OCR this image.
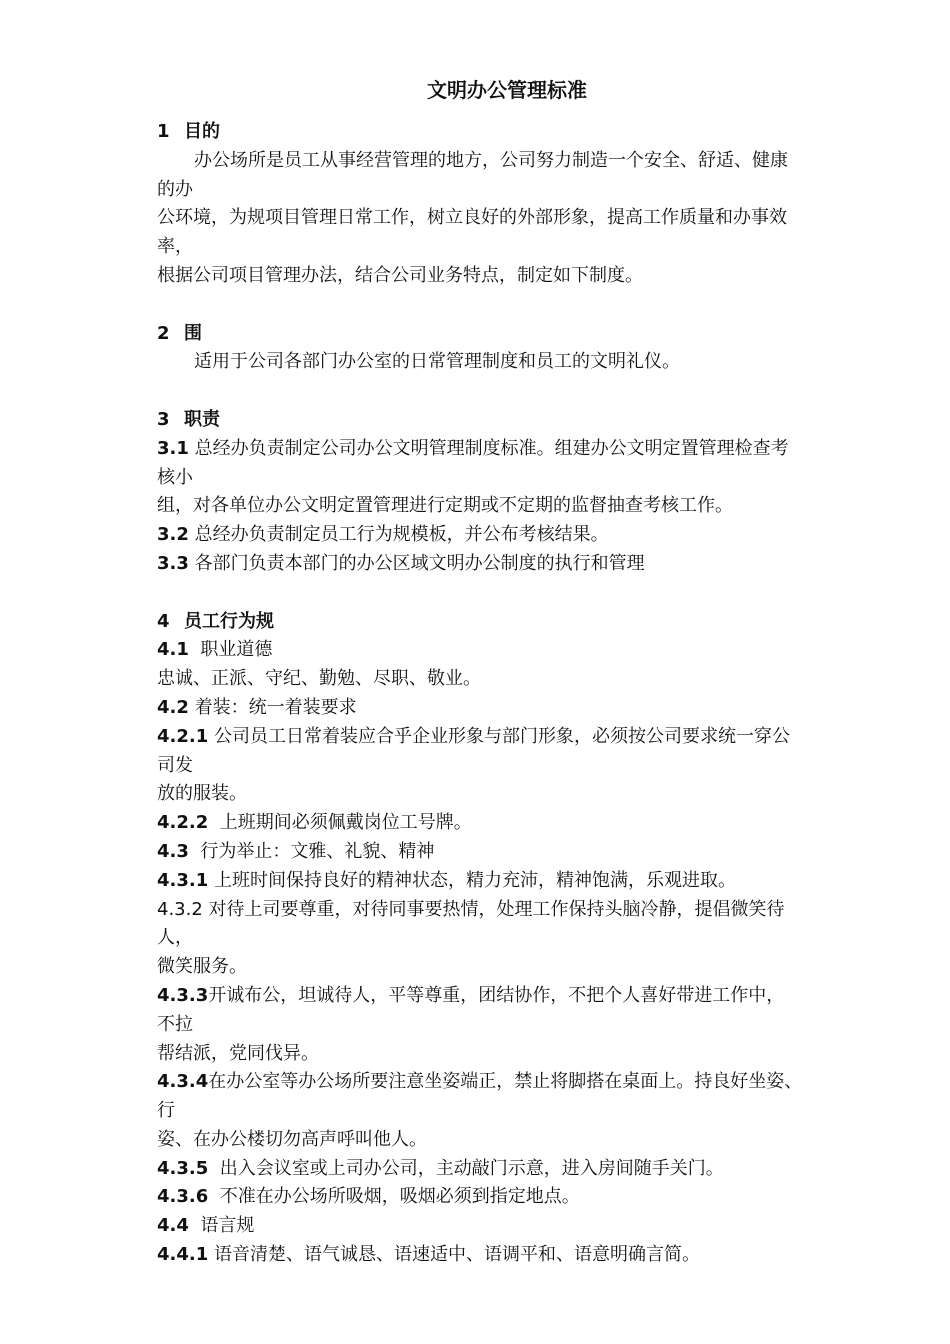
文明办公管理标准
1 目的
办公场所是员工从事经营管理的地方，公司努力制造一个安全、舒适、健康
的办
公环境，为规项目管理日常工作，树立良好的外部形象，提高工作质量和办事效
率，
根据公司项目管理办法，结合公司业务特点，制定如下制度。
2 围
适用于公司各部门办公室的日常管理制度和员工的文明礼仪。
3 职责
3.1 总经办负责制定公司办公文明管理制度标准。组建办公文明定置管理检查考
核小
组，对各单位办公文明定置管理进行定期或不定期的监督抽查考核工作。
3.2 总经办负责制定员工行为规模板，并公布考核结果。
3.3 各部门负责本部门的办公区域文明办公制度的执行和管理
4 员工行为规
4.1 职业道德
忠诚、正派、守纪、勤勉、尽职、敬业。
4.2 着装：统一着装要求
4.2.1 公司员工日常着装应合乎企业形象与部门形象，必须按公司要求统一穿公
司发
放的服装。
4.2.2 上班期间必须佩戴岗位工号牌。
4.3 行为举止：文雅、礼貌、精神
4.3.1 上班时间保持良好的精神状态，精力充沛，精神饱满，乐观进取。
4.3.2 对待上司要尊重，对待同事要热情，处理工作保持头脑冷静，提倡微笑待
人，
微笑服务。
4.3.3开诚布公，坦诚待人，平等尊重，团结协作，不把个人喜好带进工作中，
不拉
帮结派，党同伐异。
4.3.4在办公室等办公场所要注意坐姿端正，禁止将脚搭在桌面上。持良好坐姿、
行
姿、在办公楼切勿高声呼叫他人。
4.3.5 出入会议室或上司办公司，主动敲门示意，进入房间随手关门。
4.3.6 不准在办公场所吸烟，吸烟必须到指定地点。
4.4 语言规
4.4.1 语音清楚、语气诚恳、语速适中、语调平和、语意明确言简。
